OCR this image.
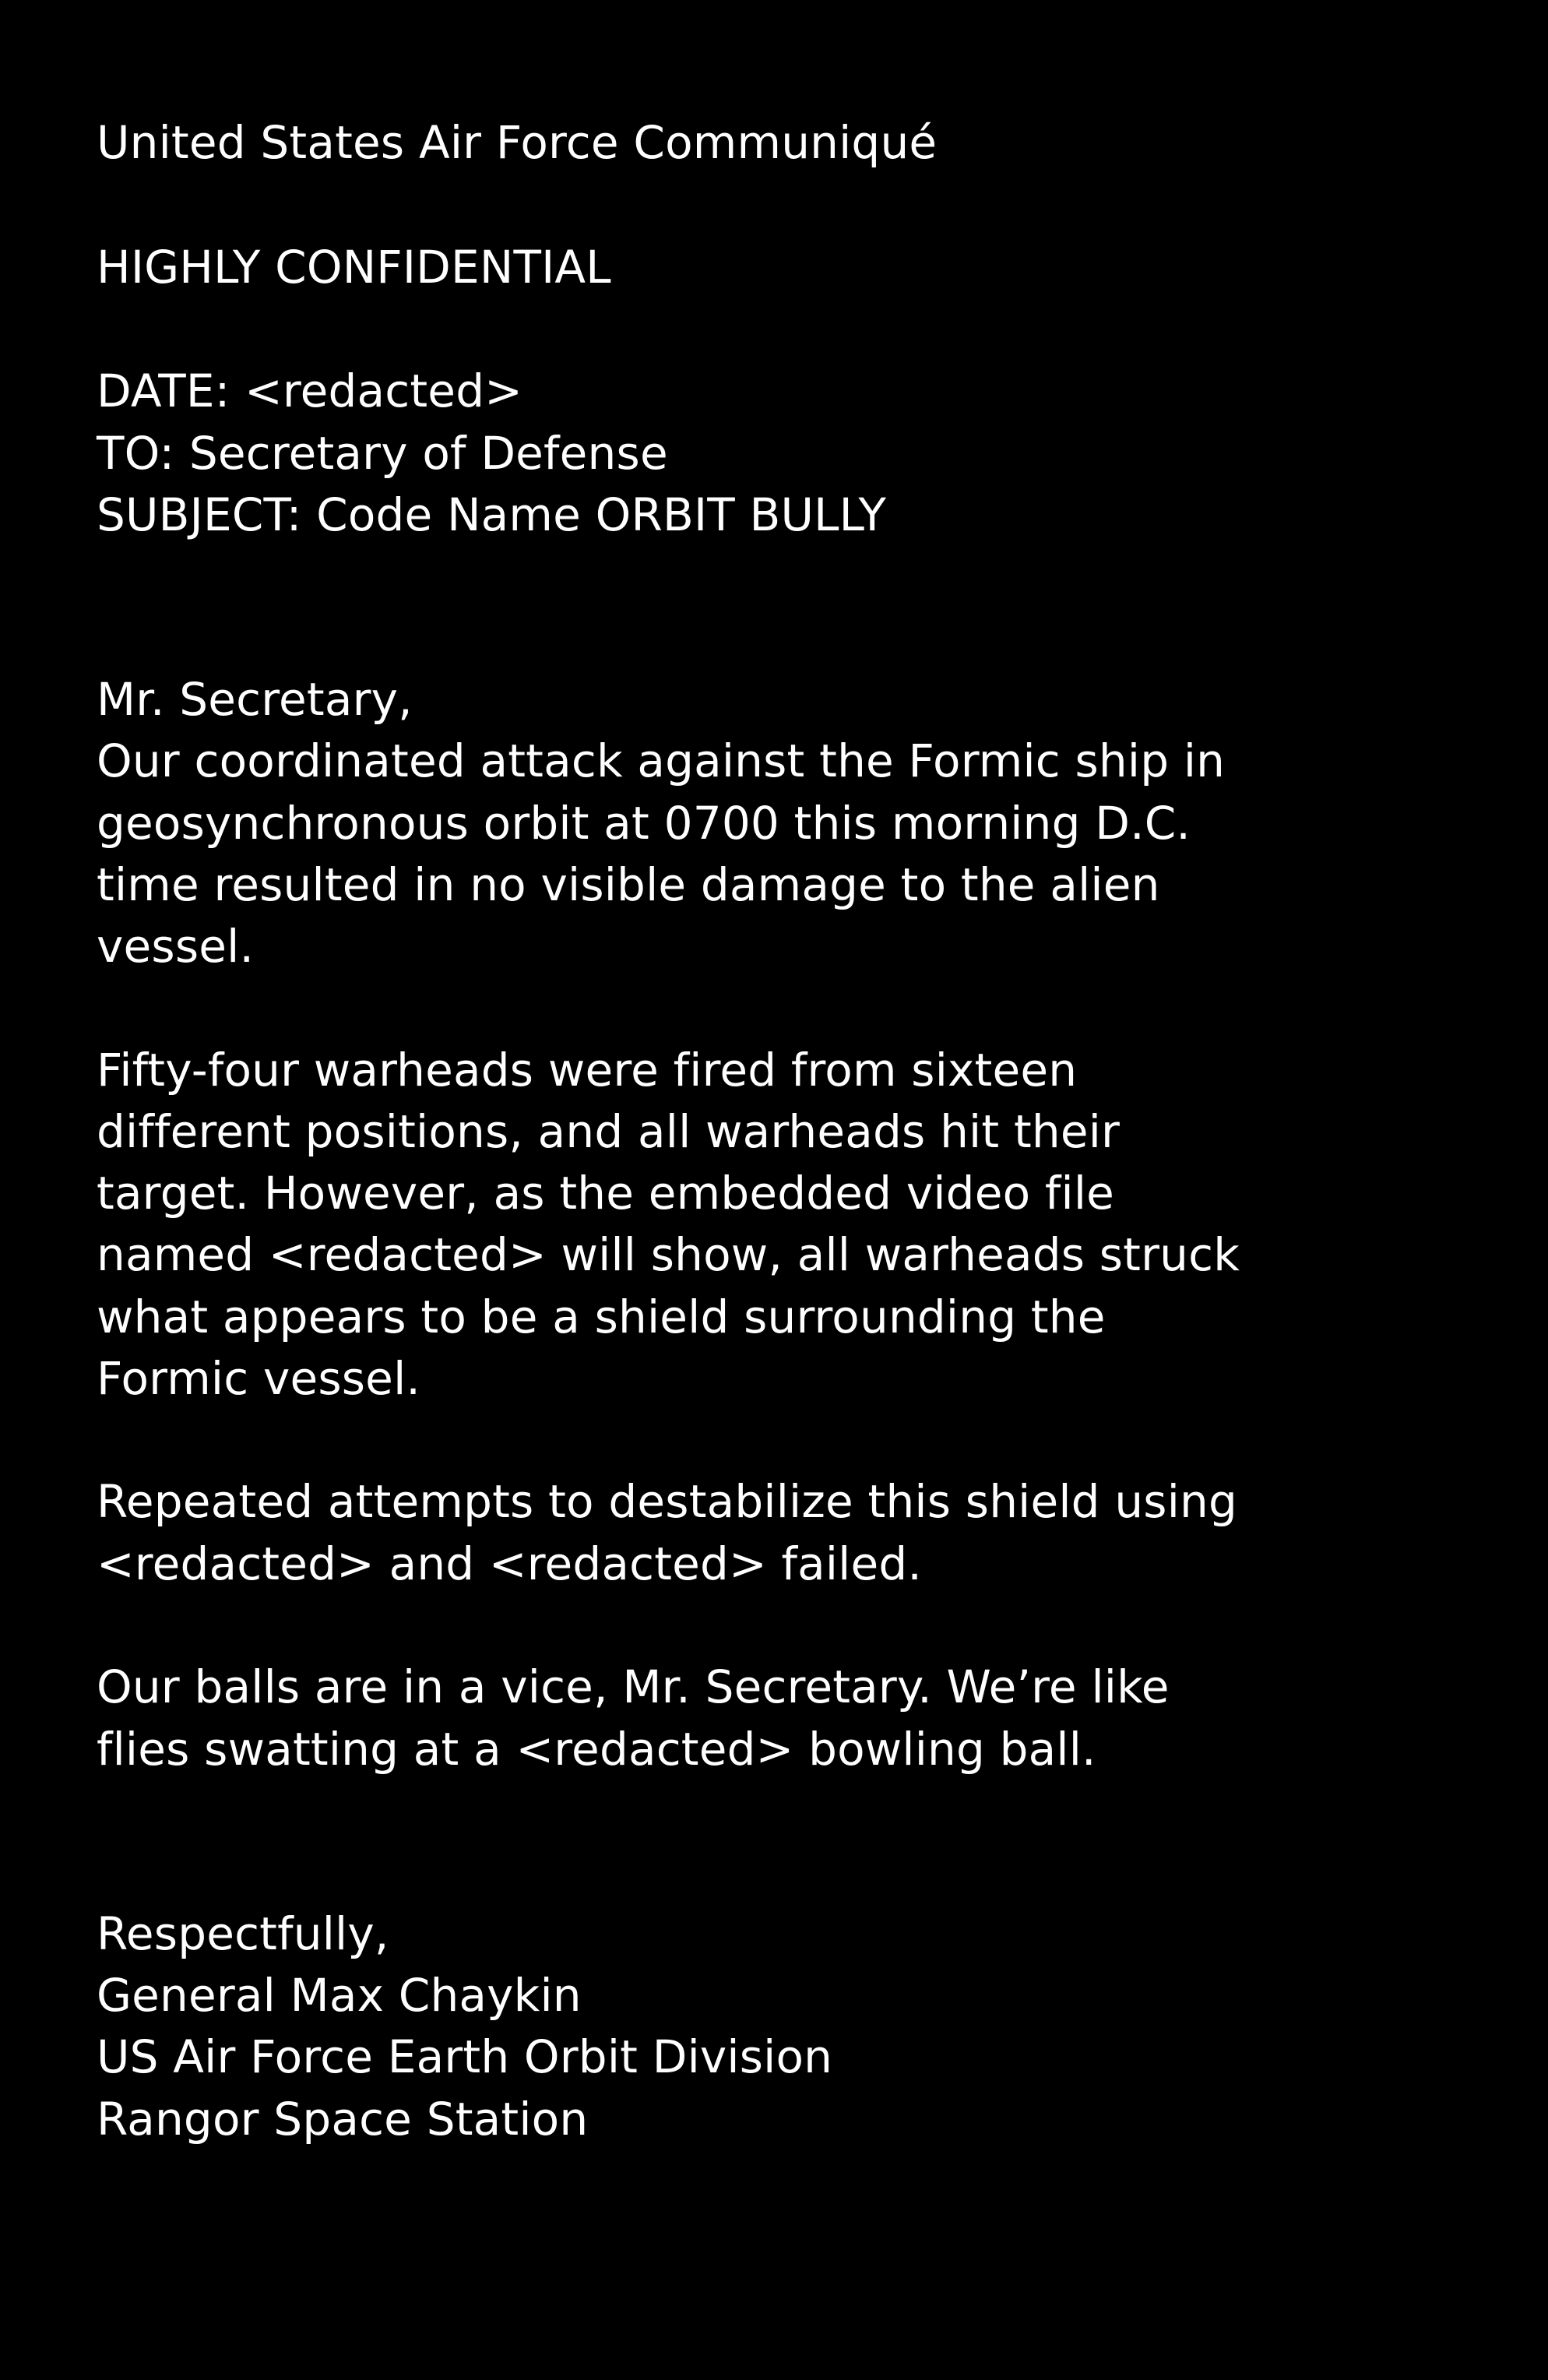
United States Air Force Communiqué

HIGHLY CONFIDENTIAL

DATE: <redacted>

TO: Secretary of Defense

SUBJECT: Code Name ORBIT BULLY

Mr. Secretary,

Our coordinated attack against the Formic ship in

geosynchronous orbit at 0700 this morning D.C.

time resulted in no visible damage to the alien

vessel.

Fifty-four warheads were fired from sixteen

different positions, and all warheads hit their

target. However, as the embedded video file

named <redacted> will show, all warheads struck

what appears to be a shield surrounding the

Formic vessel.

Repeated attempts to destabilize this shield using

<redacted> and <redacted> failed.

Our balls are in a vice, Mr. Secretary. We’re like

flies swatting at a <redacted> bowling ball.

Respectfully,

General Max Chaykin

US Air Force Earth Orbit Division

Rangor Space Station
